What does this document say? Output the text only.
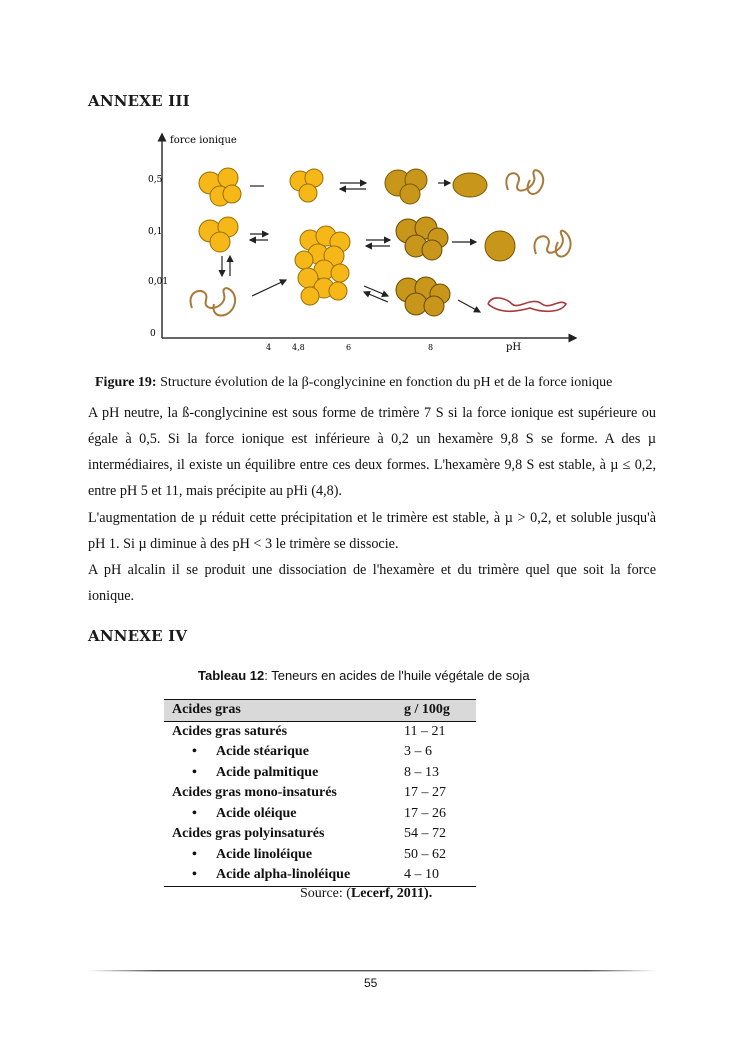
ANNEXE III
force ionique
0,5
0,1
0,01
0
4	4,8	6	8	pH
Figure 19: Structure évolution de la β-conglycinine en fonction du pH et de la force ionique
A pH neutre, la ß-conglycinine est sous forme de trimère 7 S si la force ionique est supérieure ou égale à 0,5. Si la force ionique est inférieure à 0,2 un hexamère 9,8 S se forme. A des µ intermédiaires, il existe un équilibre entre ces deux formes. L'hexamère 9,8 S est stable, à µ ≤ 0,2, entre pH 5 et 11, mais précipite au pHi (4,8).
L'augmentation de µ réduit cette précipitation et le trimère est stable, à µ > 0,2, et soluble jusqu'à pH 1. Si µ diminue à des pH < 3 le trimère se dissocie.
A pH alcalin il se produit une dissociation de l'hexamère et du trimère quel que soit la force ionique.
ANNEXE IV
Tableau 12: Teneurs en acides de l'huile végétale de soja
Acides gras	g / 100g
Acides gras saturés	11 – 21
• Acide stéarique	3 – 6
• Acide palmitique	8 – 13
Acides gras mono-insaturés	17 – 27
• Acide oléique	17 – 26
Acides gras polyinsaturés	54 – 72
• Acide linoléique	50 – 62
• Acide alpha-linoléique	4 – 10
Source: (Lecerf, 2011).
55
